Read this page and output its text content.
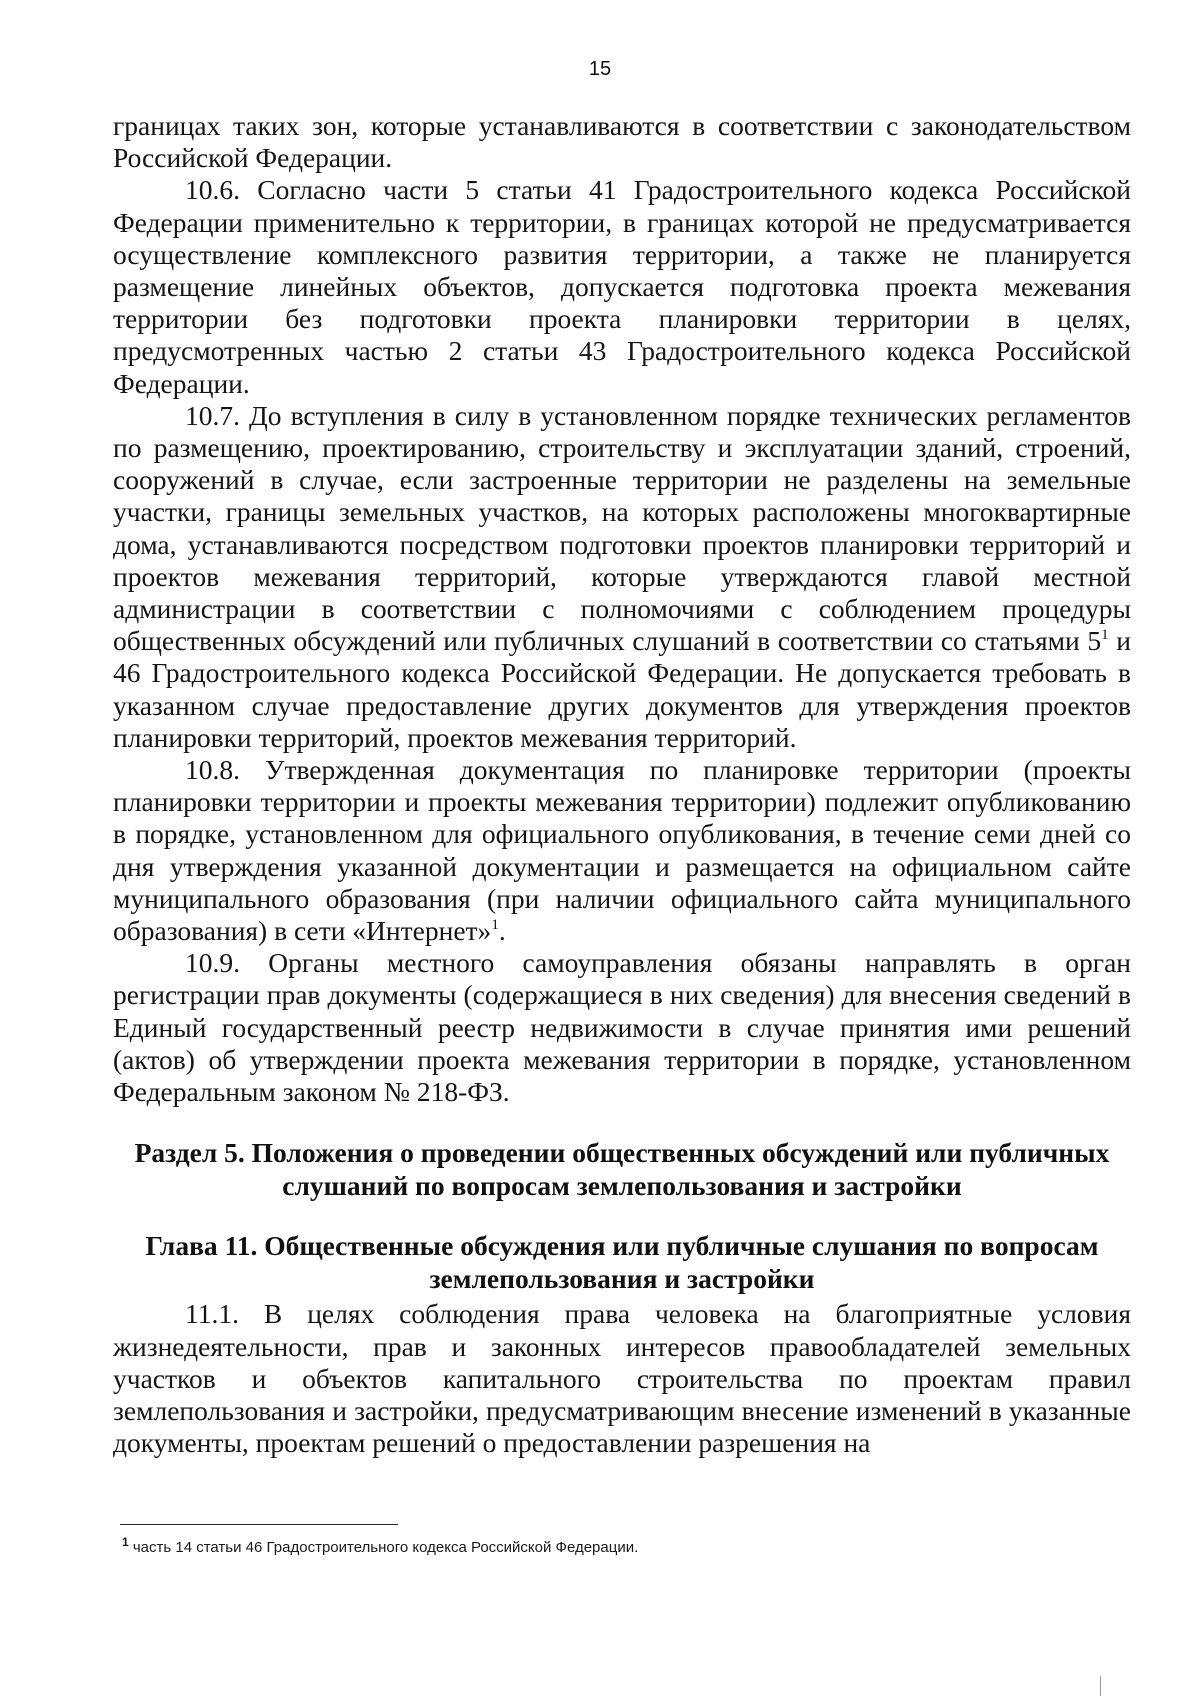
15

границах таких зон, которые устанавливаются в соответствии с законодательством Российской Федерации.

10.6. Согласно части 5 статьи 41 Градостроительного кодекса Российской Федерации применительно к территории, в границах которой не предусматривается осуществление комплексного развития территории, а также не планируется размещение линейных объектов, допускается подготовка проекта межевания территории без подготовки проекта планировки территории в целях, предусмотренных частью 2 статьи 43 Градостроительного кодекса Российской Федерации.

10.7. До вступления в силу в установленном порядке технических регламентов по размещению, проектированию, строительству и эксплуатации зданий, строений, сооружений в случае, если застроенные территории не разделены на земельные участки, границы земельных участков, на которых расположены многоквартирные дома, устанавливаются посредством подготовки проектов планировки территорий и проектов межевания территорий, которые утверждаются главой местной администрации в соответствии с полномочиями с соблюдением процедуры общественных обсуждений или публичных слушаний в соответствии со статьями $5^1$ и 46 Градостроительного кодекса Российской Федерации. Не допускается требовать в указанном случае предоставление других документов для утверждения проектов планировки территорий, проектов межевания территорий.

10.8. Утвержденная документация по планировке территории (проекты планировки территории и проекты межевания территории) подлежит опубликованию в порядке, установленном для официального опубликования, в течение семи дней со дня утверждения указанной документации и размещается на официальном сайте муниципального образования (при наличии официального сайта муниципального образования) в сети «Интернет»$^1$.

10.9. Органы местного самоуправления обязаны направлять в орган регистрации прав документы (содержащиеся в них сведения) для внесения сведений в Единый государственный реестр недвижимости в случае принятия ими решений (актов) об утверждении проекта межевания территории в порядке, установленном Федеральным законом № 218-ФЗ.

Раздел 5. Положения о проведении общественных обсуждений или публичных
слушаний по вопросам землепользования и застройки
Глава 11. Общественные обсуждения или публичные слушания по вопросам
землепользования и застройки

11.1. В целях соблюдения права человека на благоприятные условия жизнедеятельности, прав и законных интересов правообладателей земельных участков и объектов капитального строительства по проектам правил землепользования и застройки, предусматривающим внесение изменений в указанные документы, проектам решений о предоставлении разрешения на

$^1$ часть 14 статьи 46 Градостроительного кодекса Российской Федерации.
